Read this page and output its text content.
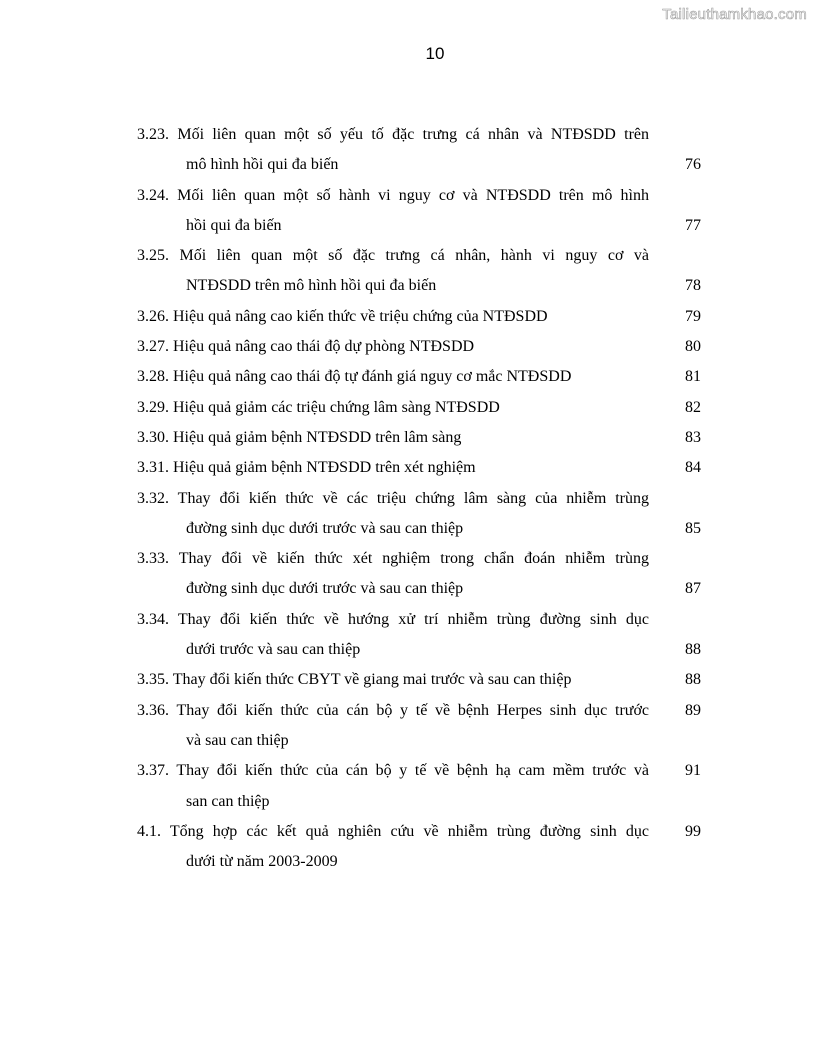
Tailieuthamkhao.com
10
3.23. Mối liên quan một số yếu tố đặc trưng cá nhân và NTĐSDD trên
mô hình hồi qui đa biến	76
3.24. Mối liên quan một số hành vi nguy cơ và NTĐSDD trên mô hình
hồi qui đa biến	77
3.25. Mối liên quan một số đặc trưng cá nhân, hành vi nguy cơ và
NTĐSDD trên mô hình hồi qui đa biến	78
3.26. Hiệu quả nâng cao kiến thức về triệu chứng của NTĐSDD	79
3.27. Hiệu quả nâng cao thái độ dự phòng NTĐSDD	80
3.28. Hiệu quả nâng cao thái độ tự đánh giá nguy cơ mắc NTĐSDD	81
3.29. Hiệu quả giảm các triệu chứng lâm sàng NTĐSDD	82
3.30. Hiệu quả giảm bệnh NTĐSDD trên lâm sàng	83
3.31. Hiệu quả giảm bệnh NTĐSDD trên xét nghiệm	84
3.32. Thay đổi kiến thức về các triệu chứng lâm sàng của nhiễm trùng
đường sinh dục dưới trước và sau can thiệp	85
3.33. Thay đổi về kiến thức xét nghiệm trong chẩn đoán nhiễm trùng
đường sinh dục dưới trước và sau can thiệp	87
3.34. Thay đổi kiến thức về hướng xử trí nhiễm trùng đường sinh dục
dưới trước và sau can thiệp	88
3.35. Thay đổi kiến thức CBYT về giang mai trước và sau can thiệp	88
3.36. Thay đổi kiến thức của cán bộ y tế về bệnh Herpes sinh dục trước	89
và sau can thiệp
3.37. Thay đổi kiến thức của cán bộ y tế về bệnh hạ cam mềm trước và	91
san can thiệp
4.1. Tổng hợp các kết quả nghiên cứu về nhiễm trùng đường sinh dục	99
dưới từ năm 2003-2009
